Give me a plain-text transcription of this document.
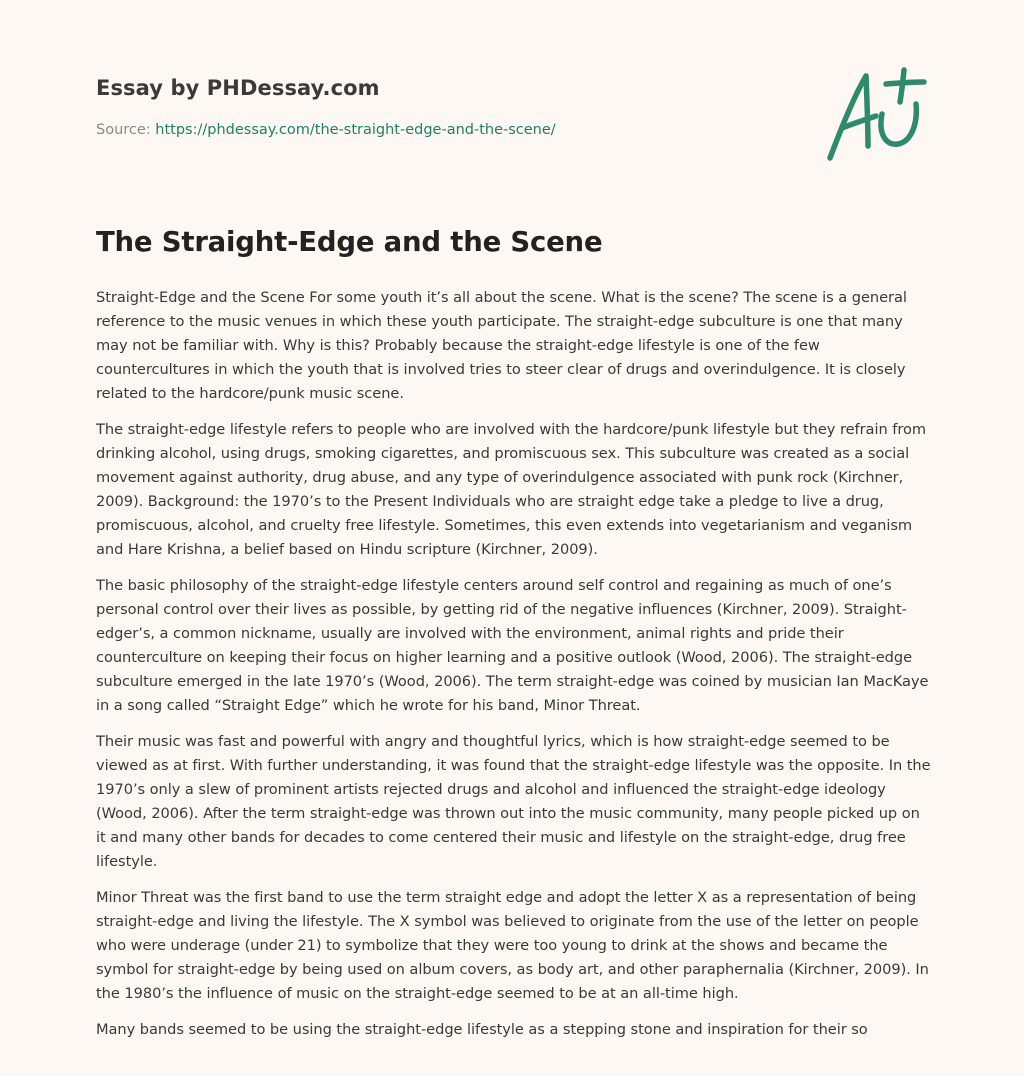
Essay by PHDessay.com
Source: https://phdessay.com/the-straight-edge-and-the-scene/
The Straight-Edge and the Scene

Straight-Edge and the Scene For some youth it’s all about the scene. What is the scene? The scene is a general reference to the music venues in which these youth participate. The straight-edge subculture is one that many may not be familiar with. Why is this? Probably because the straight-edge lifestyle is one of the few countercultures in which the youth that is involved tries to steer clear of drugs and overindulgence. It is closely related to the hardcore/punk music scene.

The straight-edge lifestyle refers to people who are involved with the hardcore/punk lifestyle but they refrain from drinking alcohol, using drugs, smoking cigarettes, and promiscuous sex. This subculture was created as a social movement against authority, drug abuse, and any type of overindulgence associated with punk rock (Kirchner, 2009). Background: the 1970’s to the Present Individuals who are straight edge take a pledge to live a drug, promiscuous, alcohol, and cruelty free lifestyle. Sometimes, this even extends into vegetarianism and veganism and Hare Krishna, a belief based on Hindu scripture (Kirchner, 2009).

The basic philosophy of the straight-edge lifestyle centers around self control and regaining as much of one’s personal control over their lives as possible, by getting rid of the negative influences (Kirchner, 2009). Straight-edger’s, a common nickname, usually are involved with the environment, animal rights and pride their counterculture on keeping their focus on higher learning and a positive outlook (Wood, 2006). The straight-edge subculture emerged in the late 1970’s (Wood, 2006). The term straight-edge was coined by musician Ian MacKaye in a song called “Straight Edge” which he wrote for his band, Minor Threat.

Their music was fast and powerful with angry and thoughtful lyrics, which is how straight-edge seemed to be viewed as at first. With further understanding, it was found that the straight-edge lifestyle was the opposite. In the 1970’s only a slew of prominent artists rejected drugs and alcohol and influenced the straight-edge ideology (Wood, 2006). After the term straight-edge was thrown out into the music community, many people picked up on it and many other bands for decades to come centered their music and lifestyle on the straight-edge, drug free lifestyle.

Minor Threat was the first band to use the term straight edge and adopt the letter X as a representation of being straight-edge and living the lifestyle. The X symbol was believed to originate from the use of the letter on people who were underage (under 21) to symbolize that they were too young to drink at the shows and became the symbol for straight-edge by being used on album covers, as body art, and other paraphernalia (Kirchner, 2009). In the 1980’s the influence of music on the straight-edge seemed to be at an all-time high.

Many bands seemed to be using the straight-edge lifestyle as a stepping stone and inspiration for their so
